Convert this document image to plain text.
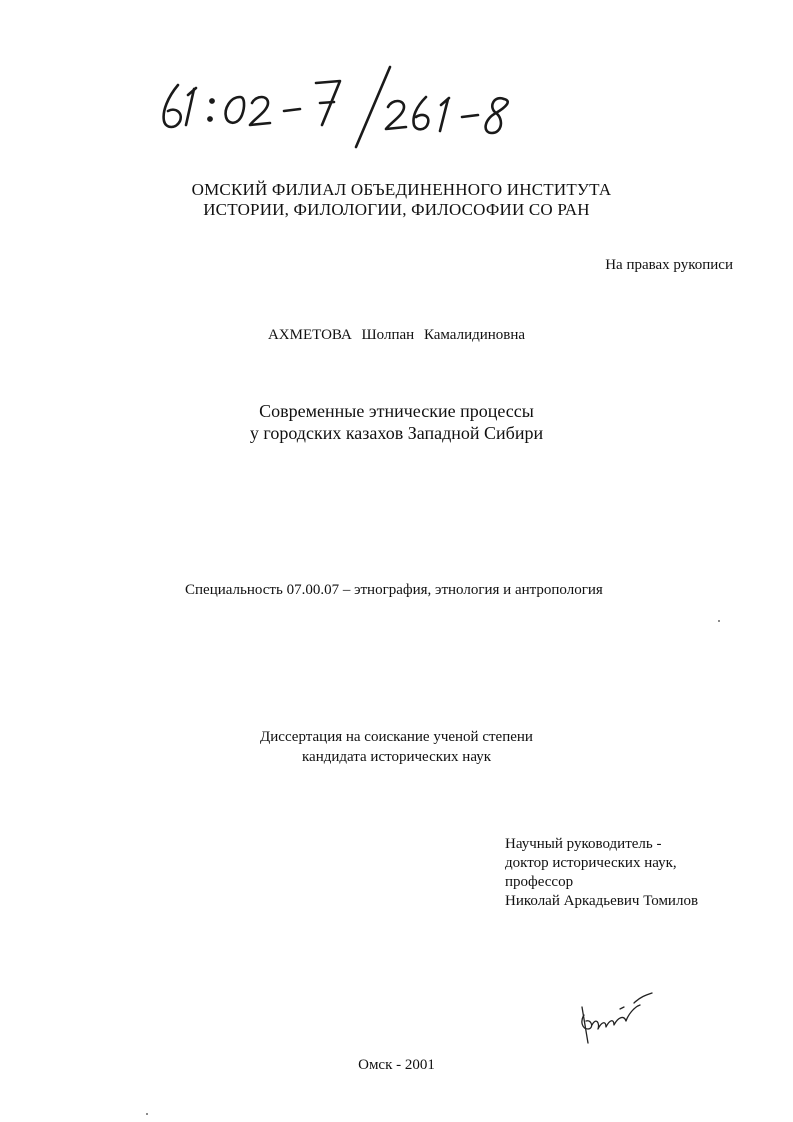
ОМСКИЙ ФИЛИАЛ ОБЪЕДИНЕННОГО ИНСТИТУТА
ИСТОРИИ, ФИЛОЛОГИИ, ФИЛОСОФИИ СО РАН
На правах рукописи
АХМЕТОВА Шолпан Камалидиновна
Современные этнические процессы
у городских казахов Западной Сибири
Специальность 07.00.07 – этнография, этнология и антропология
Диссертация на соискание ученой степени
кандидата исторических наук
Научный руководитель -
доктор исторических наук,
профессор
Николай Аркадьевич Томилов
Омск - 2001
